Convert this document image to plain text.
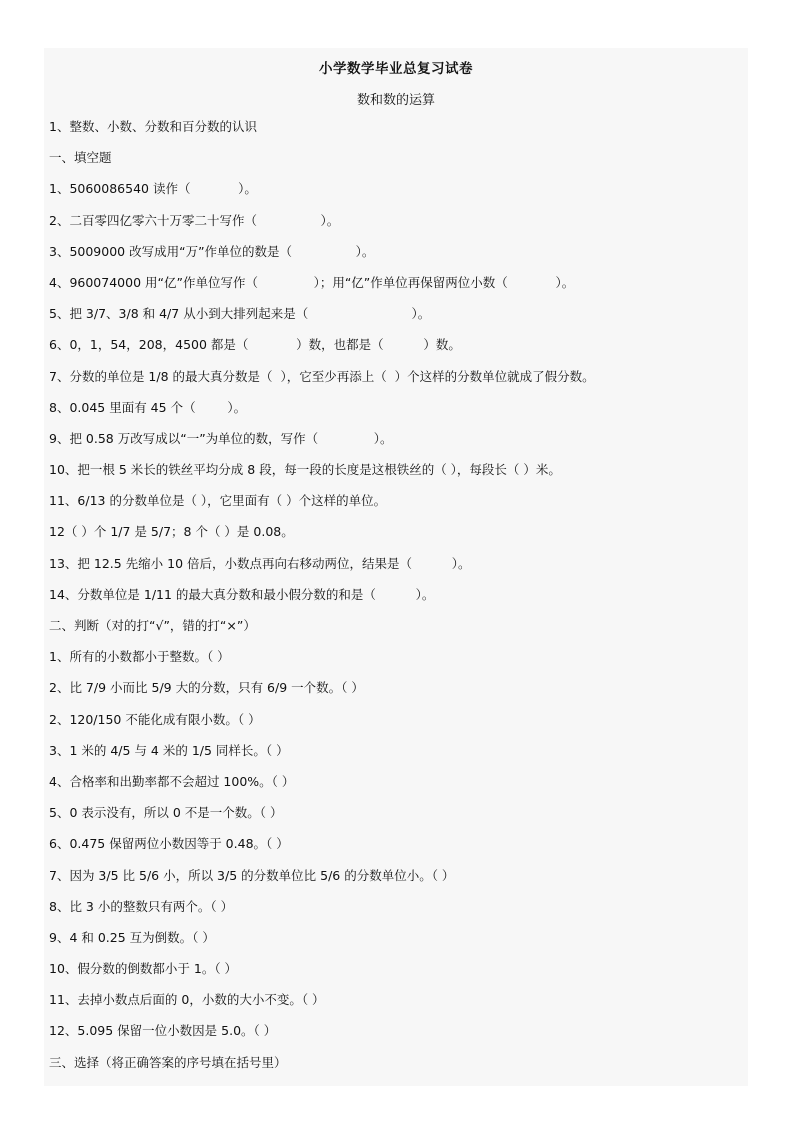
小学数学毕业总复习试卷
数和数的运算
1、整数、小数、分数和百分数的认识
一、填空题
1、5060086540 读作（            ）。
2、二百零四亿零六十万零二十写作（                ）。
3、5009000 改写成用“万”作单位的数是（                ）。
4、960074000 用“亿”作单位写作（              ）；用“亿”作单位再保留两位小数（            ）。
5、把 3/7、3/8 和 4/7 从小到大排列起来是（                          ）。
6、0，1，54，208，4500 都是（            ）数，也都是（          ）数。
7、分数的单位是 1/8 的最大真分数是（  ），它至少再添上（  ）个这样的分数单位就成了假分数。
8、0.045 里面有 45 个（        ）。
9、把 0.58 万改写成以“一”为单位的数，写作（              ）。
10、把一根 5 米长的铁丝平均分成 8 段，每一段的长度是这根铁丝的（ ），每段长（ ）米。
11、6/13 的分数单位是（ ），它里面有（ ）个这样的单位。
12（ ）个 1/7 是 5/7；8 个（ ）是 0.08。
13、把 12.5 先缩小 10 倍后，小数点再向右移动两位，结果是（          ）。
14、分数单位是 1/11 的最大真分数和最小假分数的和是（          ）。
二、判断（对的打“√”，错的打“×”）
1、所有的小数都小于整数。（ ）
2、比 7/9 小而比 5/9 大的分数，只有 6/9 一个数。（ ）
2、120/150 不能化成有限小数。（ ）
3、1 米的 4/5 与 4 米的 1/5 同样长。（ ）
4、合格率和出勤率都不会超过 100%。（ ）
5、0 表示没有，所以 0 不是一个数。（ ）
6、0.475 保留两位小数因等于 0.48。（ ）
7、因为 3/5 比 5/6 小，所以 3/5 的分数单位比 5/6 的分数单位小。（ ）
8、比 3 小的整数只有两个。（ ）
9、4 和 0.25 互为倒数。（ ）
10、假分数的倒数都小于 1。（ ）
11、去掉小数点后面的 0，小数的大小不变。（ ）
12、5.095 保留一位小数因是 5.0。（ ）
三、选择（将正确答案的序号填在括号里）
